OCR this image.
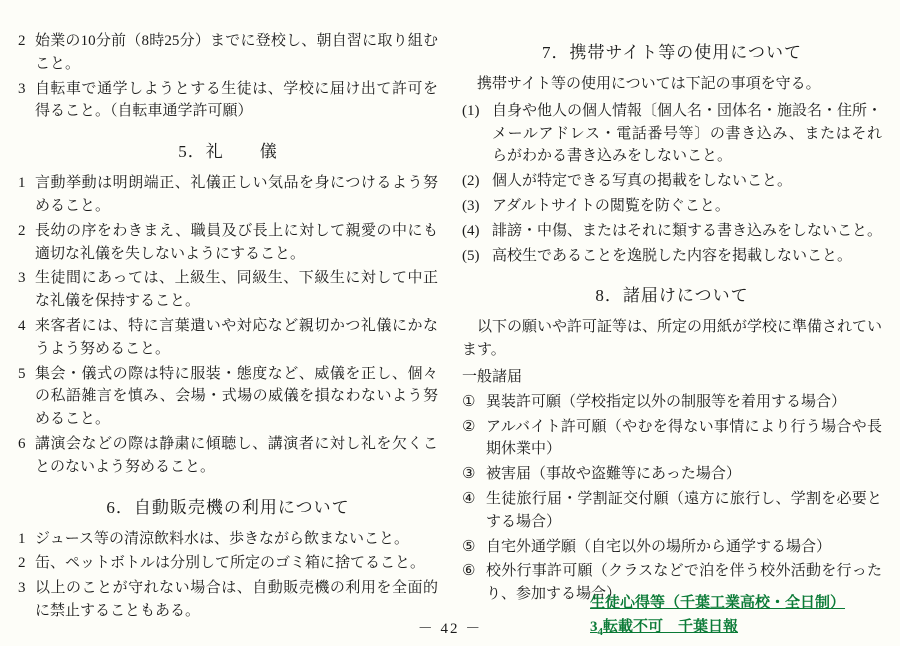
2 始業の10分前（8時25分）までに登校し、朝自習に取り組むこと。
3 自転車で通学しようとする生徒は、学校に届け出て許可を得ること。（自転車通学許可願）
5．礼　　儀
1 言動挙動は明朗端正、礼儀正しい気品を身につけるよう努めること。
2 長幼の序をわきまえ、職員及び長上に対して親愛の中にも適切な礼儀を失しないようにすること。
3 生徒間にあっては、上級生、同級生、下級生に対して中正な礼儀を保持すること。
4 来客者には、特に言葉遣いや対応など親切かつ礼儀にかなうよう努めること。
5 集会・儀式の際は特に服装・態度など、威儀を正し、個々の私語雑言を慎み、会場・式場の威儀を損なわないよう努めること。
6 講演会などの際は静粛に傾聴し、講演者に対し礼を欠くことのないよう努めること。
6．自動販売機の利用について
1 ジュース等の清涼飲料水は、歩きながら飲まないこと。
2 缶、ペットボトルは分別して所定のゴミ箱に捨てること。
3 以上のことが守れない場合は、自動販売機の利用を全面的に禁止することもある。
7．携帯サイト等の使用について
携帯サイト等の使用については下記の事項を守る。
(1) 自身や他人の個人情報〔個人名・団体名・施設名・住所・メールアドレス・電話番号等〕の書き込み、またはそれらがわかる書き込みをしないこと。
(2) 個人が特定できる写真の掲載をしないこと。
(3) アダルトサイトの閲覧を防ぐこと。
(4) 誹謗・中傷、またはそれに類する書き込みをしないこと。
(5) 高校生であることを逸脱した内容を掲載しないこと。
8．諸届けについて
以下の願いや許可証等は、所定の用紙が学校に準備されています。
一般諸届
① 異装許可願（学校指定以外の制服等を着用する場合）
② アルバイト許可願（やむを得ない事情により行う場合や長期休業中）
③ 被害届（事故や盗難等にあった場合）
④ 生徒旅行届・学割証交付願（遠方に旅行し、学割を必要とする場合）
⑤ 自宅外通学願（自宅以外の場所から通学する場合）
⑥ 校外行事許可願（クラスなどで泊を伴う校外活動を行ったり、参加する場合）
－ 42 －
生徒心得等（千葉工業高校・全日制）
$3_4$転載不可　千葉日報
